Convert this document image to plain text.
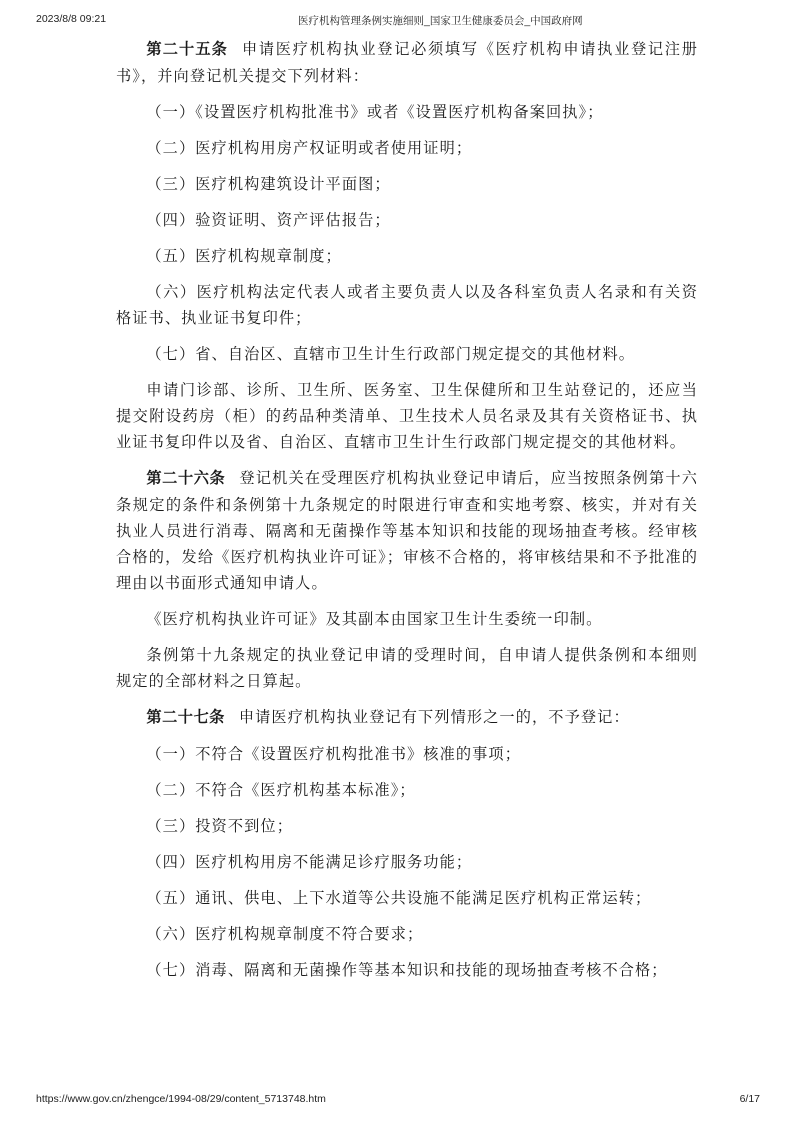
2023/8/8 09:21	医疗机构管理条例实施细则_国家卫生健康委员会_中国政府网

第二十五条 申请医疗机构执业登记必须填写《医疗机构申请执业登记注册书》，并向登记机关提交下列材料：

（一）《设置医疗机构批准书》或者《设置医疗机构备案回执》；

（二）医疗机构用房产权证明或者使用证明；

（三）医疗机构建筑设计平面图；

（四）验资证明、资产评估报告；

（五）医疗机构规章制度；

（六）医疗机构法定代表人或者主要负责人以及各科室负责人名录和有关资格证书、执业证书复印件；

（七）省、自治区、直辖市卫生计生行政部门规定提交的其他材料。

申请门诊部、诊所、卫生所、医务室、卫生保健所和卫生站登记的，还应当提交附设药房（柜）的药品种类清单、卫生技术人员名录及其有关资格证书、执业证书复印件以及省、自治区、直辖市卫生计生行政部门规定提交的其他材料。

第二十六条 登记机关在受理医疗机构执业登记申请后，应当按照条例第十六条规定的条件和条例第十九条规定的时限进行审查和实地考察、核实，并对有关执业人员进行消毒、隔离和无菌操作等基本知识和技能的现场抽查考核。经审核合格的，发给《医疗机构执业许可证》；审核不合格的，将审核结果和不予批准的理由以书面形式通知申请人。

《医疗机构执业许可证》及其副本由国家卫生计生委统一印制。

条例第十九条规定的执业登记申请的受理时间，自申请人提供条例和本细则规定的全部材料之日算起。

第二十七条 申请医疗机构执业登记有下列情形之一的，不予登记：

（一）不符合《设置医疗机构批准书》核准的事项；

（二）不符合《医疗机构基本标准》；

（三）投资不到位；

（四）医疗机构用房不能满足诊疗服务功能；

（五）通讯、供电、上下水道等公共设施不能满足医疗机构正常运转；

（六）医疗机构规章制度不符合要求；

（七）消毒、隔离和无菌操作等基本知识和技能的现场抽查考核不合格；

https://www.gov.cn/zhengce/1994-08/29/content_5713748.htm	6/17
